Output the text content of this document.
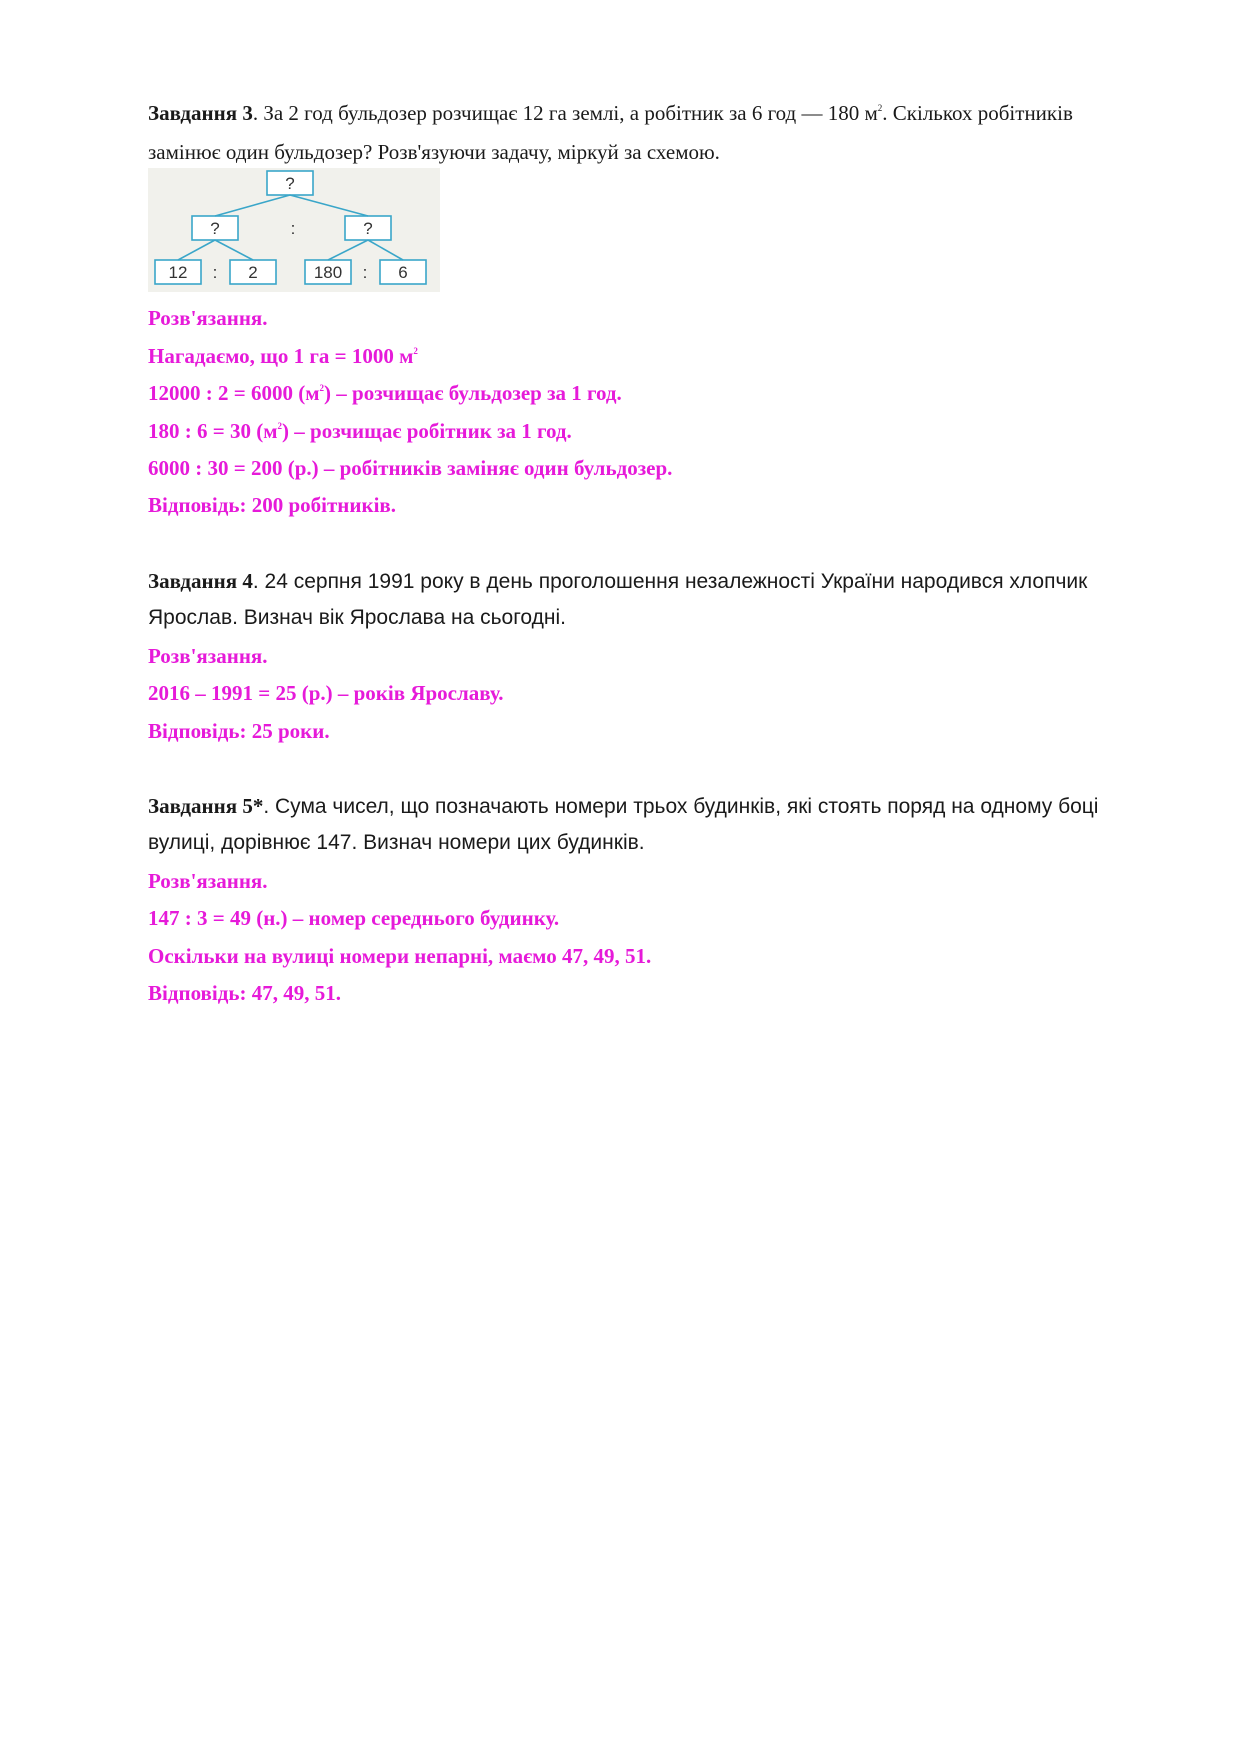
Завдання 3. За 2 год бульдозер розчищає 12 га землі, а робітник за 6 год — 180 $м^2$. Скількох робітників
замінює один бульдозер? Розв'язуючи задачу, міркуй за схемою.
?
?	:	?
12 : 2	180 : 6
Розв'язання.
Нагадаємо, що 1 га = 1000 $м^2$
12000 : 2 = 6000 $(м^2)$ – розчищає бульдозер за 1 год.
180 : 6 = 30 $(м^2)$ – розчищає робітник за 1 год.
6000 : 30 = 200 (р.) – робітників заміняє один бульдозер.
Відповідь: 200 робітників.
Завдання 4. 24 серпня 1991 року в день проголошення незалежності України народився хлопчик
Ярослав. Визнач вік Ярослава на сьогодні.
Розв'язання.
2016 – 1991 = 25 (р.) – років Ярославу.
Відповідь: 25 роки.
Завдання 5*. Сума чисел, що позначають номери трьох будинків, які стоять поряд на одному боці
вулиці, дорівнює 147. Визнач номери цих будинків.
Розв'язання.
147 : 3 = 49 (н.) – номер середнього будинку.
Оскільки на вулиці номери непарні, маємо 47, 49, 51.
Відповідь: 47, 49, 51.
